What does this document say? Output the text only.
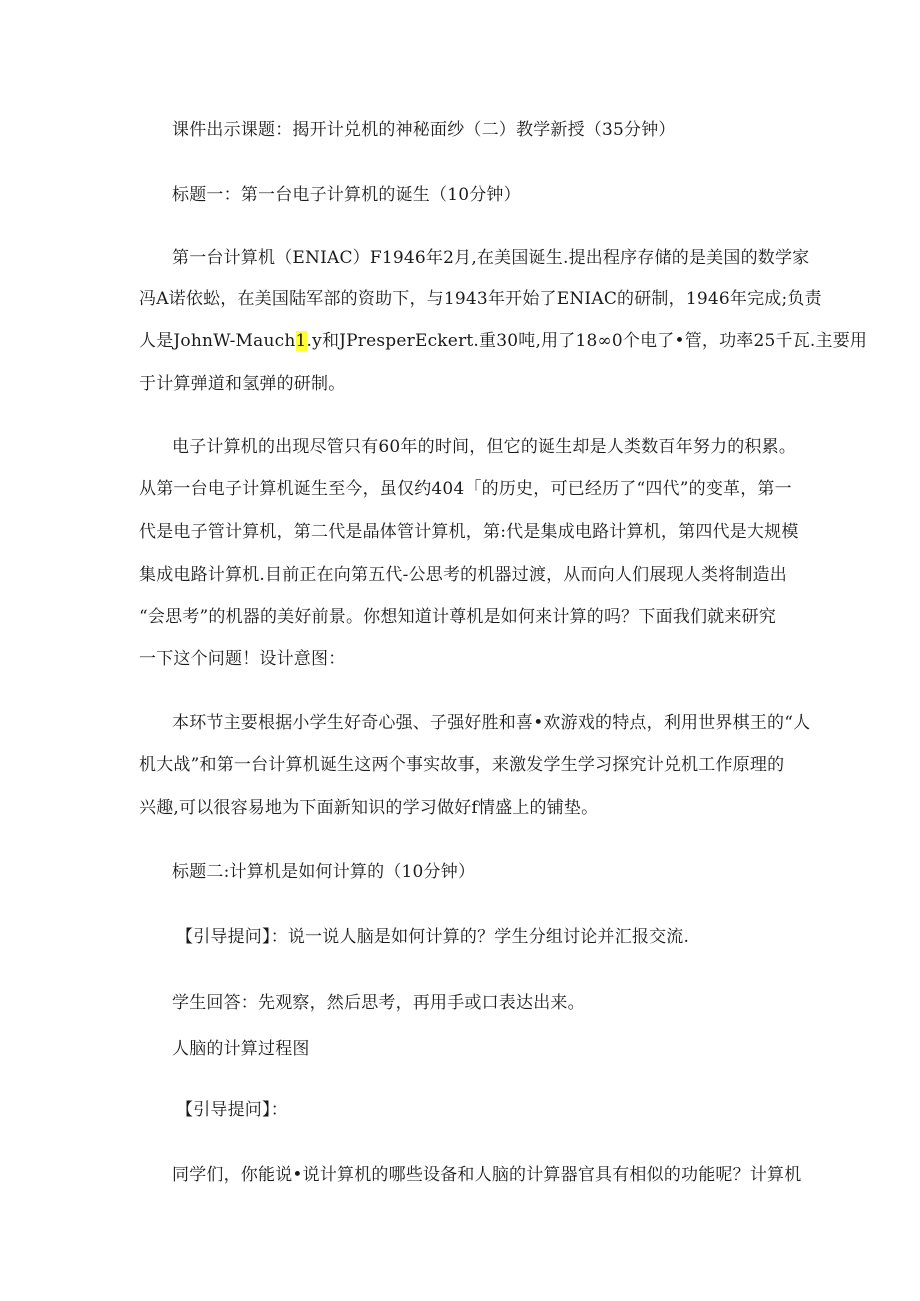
课件出示课题：揭开计兑机的神秘面纱（二）教学新授（35分钟）
标题一：第一台电子计算机的诞生（10分钟）
第一台计算机（ENIAC）F1946年2月,在美国诞生.提出程序存储的是美国的数学家
冯A诺依蚣，在美国陆军部的资助下，与1943年开始了ENIAC的研制，1946年完成;负责
人是JohnW-Mauch1.y和JPresperEckert.重30吨,用了18∞0个电了•管，功率25千瓦.主要用
于计算弹道和氢弹的研制。
电子计算机的出现尽管只有60年的时间，但它的诞生却是人类数百年努力的积累。
从第一台电子计算机诞生至今，虽仅约404「的历史，可已经历了“四代”的变革，第一
代是电子管计算机，第二代是晶体管计算机，第:代是集成电路计算机，第四代是大规模
集成电路计算机.目前正在向第五代-公思考的机器过渡，从而向人们展现人类将制造出
“会思考”的机器的美好前景。你想知道计尊机是如何来计算的吗？下面我们就来研究
一下这个问题！设计意图：
本环节主要根据小学生好奇心强、子强好胜和喜•欢游戏的特点，利用世界棋王的“人
机大战”和第一台计算机诞生这两个事实故事，来激发学生学习探究计兑机工作原理的
兴趣,可以很容易地为下面新知识的学习做好f情盛上的铺垫。
标题二:计算机是如何计算的（10分钟）
【引导提问】：说一说人脑是如何计算的？学生分组讨论并汇报交流.
学生回答：先观察，然后思考，再用手或口表达出来。
人脑的计算过程图
【引导提问】：
同学们，你能说•说计算机的哪些设备和人脑的计算器官具有相似的功能呢？计算机
